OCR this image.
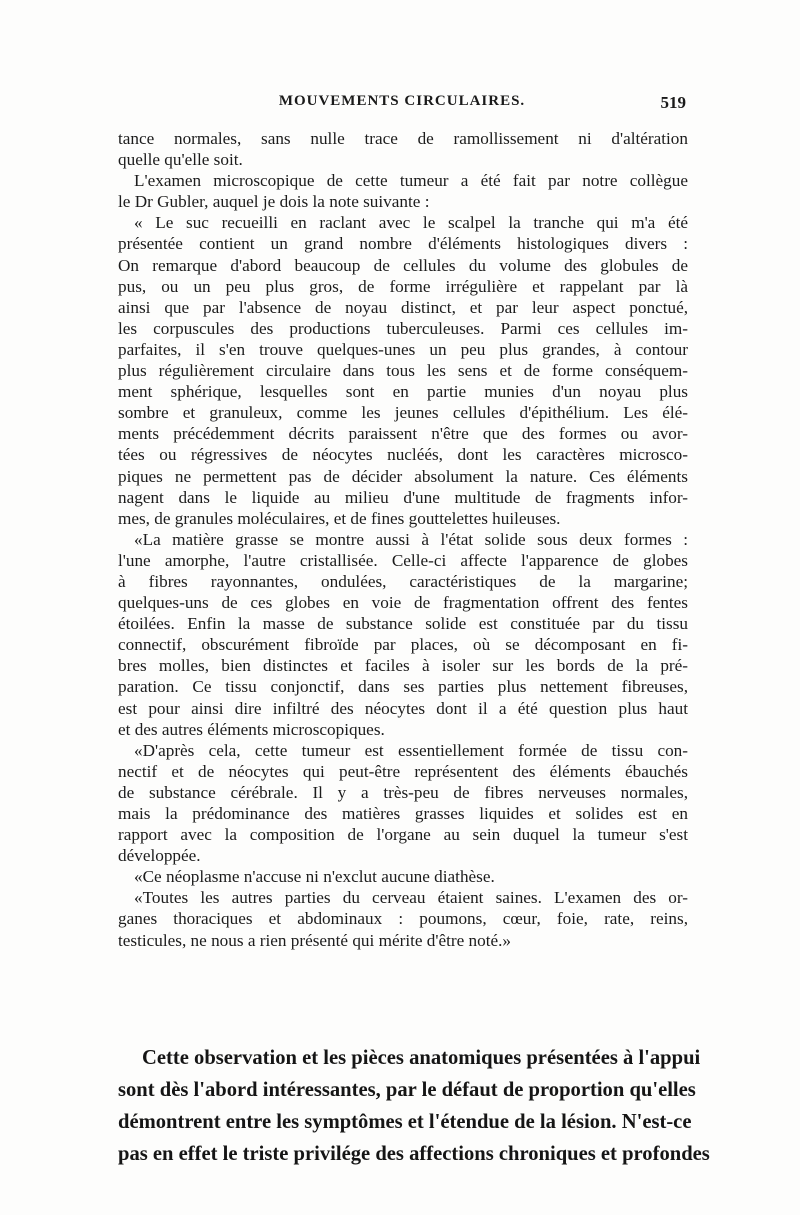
MOUVEMENTS CIRCULAIRES.	519
tance normales, sans nulle trace de ramollissement ni d'altération
quelle qu'elle soit.
L'examen microscopique de cette tumeur a été fait par notre collègue
le Dr Gubler, auquel je dois la note suivante :
« Le suc recueilli en raclant avec le scalpel la tranche qui m'a été
présentée contient un grand nombre d'éléments histologiques divers :
On remarque d'abord beaucoup de cellules du volume des globules de
pus, ou un peu plus gros, de forme irrégulière et rappelant par là
ainsi que par l'absence de noyau distinct, et par leur aspect ponctué,
les corpuscules des productions tuberculeuses. Parmi ces cellules im-
parfaites, il s'en trouve quelques-unes un peu plus grandes, à contour
plus régulièrement circulaire dans tous les sens et de forme conséquem-
ment sphérique, lesquelles sont en partie munies d'un noyau plus
sombre et granuleux, comme les jeunes cellules d'épithélium. Les élé-
ments précédemment décrits paraissent n'être que des formes ou avor-
tées ou régressives de néocytes nucléés, dont les caractères microsco-
piques ne permettent pas de décider absolument la nature. Ces éléments
nagent dans le liquide au milieu d'une multitude de fragments infor-
mes, de granules moléculaires, et de fines gouttelettes huileuses.
«La matière grasse se montre aussi à l'état solide sous deux formes :
l'une amorphe, l'autre cristallisée. Celle-ci affecte l'apparence de globes
à fibres rayonnantes, ondulées, caractéristiques de la margarine;
quelques-uns de ces globes en voie de fragmentation offrent des fentes
étoilées. Enfin la masse de substance solide est constituée par du tissu
connectif, obscurément fibroïde par places, où se décomposant en fi-
bres molles, bien distinctes et faciles à isoler sur les bords de la pré-
paration. Ce tissu conjonctif, dans ses parties plus nettement fibreuses,
est pour ainsi dire infiltré des néocytes dont il a été question plus haut
et des autres éléments microscopiques.
«D'après cela, cette tumeur est essentiellement formée de tissu con-
nectif et de néocytes qui peut-être représentent des éléments ébauchés
de substance cérébrale. Il y a très-peu de fibres nerveuses normales,
mais la prédominance des matières grasses liquides et solides est en
rapport avec la composition de l'organe au sein duquel la tumeur s'est
développée.
«Ce néoplasme n'accuse ni n'exclut aucune diathèse.
«Toutes les autres parties du cerveau étaient saines. L'examen des or-
ganes thoraciques et abdominaux : poumons, cœur, foie, rate, reins,
testicules, ne nous a rien présenté qui mérite d'être noté.»
Cette observation et les pièces anatomiques présentées à l'appui
sont dès l'abord intéressantes, par le défaut de proportion qu'elles
démontrent entre les symptômes et l'étendue de la lésion. N'est-ce
pas en effet le triste privilége des affections chroniques et profondes
